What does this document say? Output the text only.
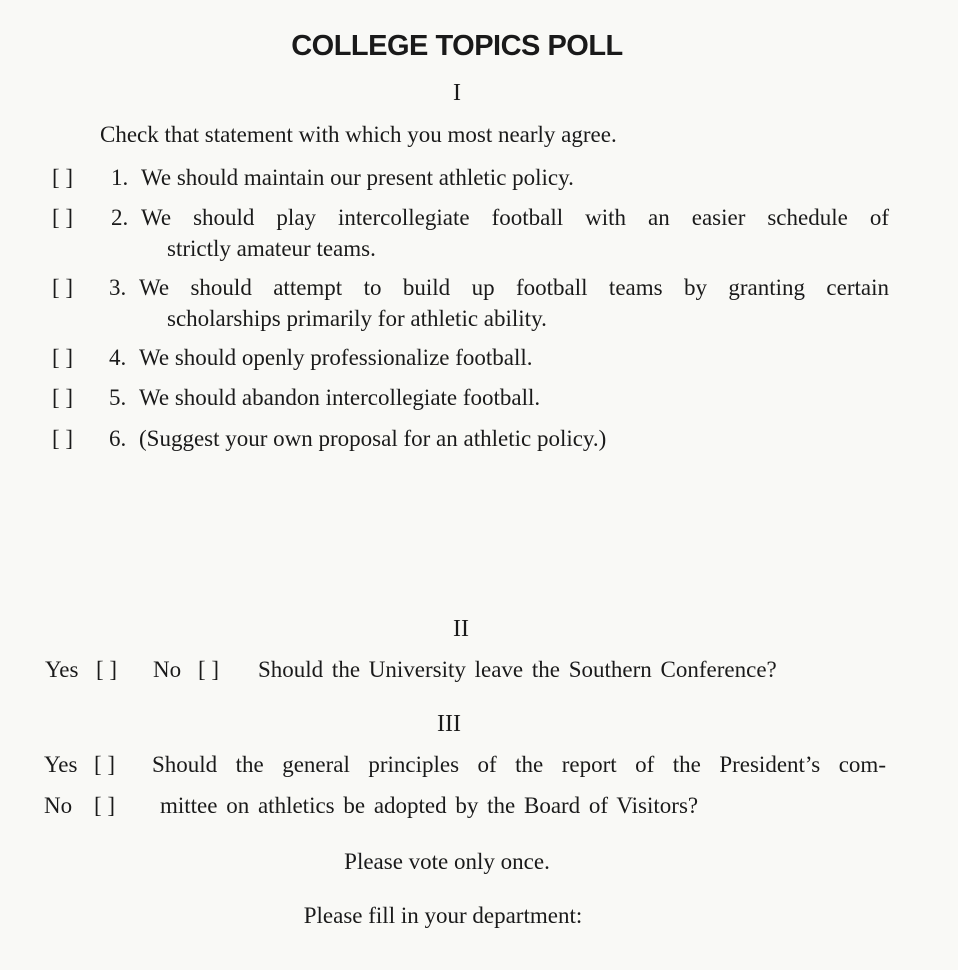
COLLEGE TOPICS POLL
I
Check that statement with which you most nearly agree.
[ ] 1. We should maintain our present athletic policy.
[ ] 2. We should play intercollegiate football with an easier schedule of
strictly amateur teams.
[ ] 3. We should attempt to build up football teams by granting certain
scholarships primarily for athletic ability.
[ ] 4. We should openly professionalize football.
[ ] 5. We should abandon intercollegiate football.
[ ] 6. (Suggest your own proposal for an athletic policy.)
II
Yes [ ] No [ ] Should the University leave the Southern Conference?
III
Yes [ ] Should the general principles of the report of the President’s com-
No [ ] mittee on athletics be adopted by the Board of Visitors?
Please vote only once.
Please fill in your department:
